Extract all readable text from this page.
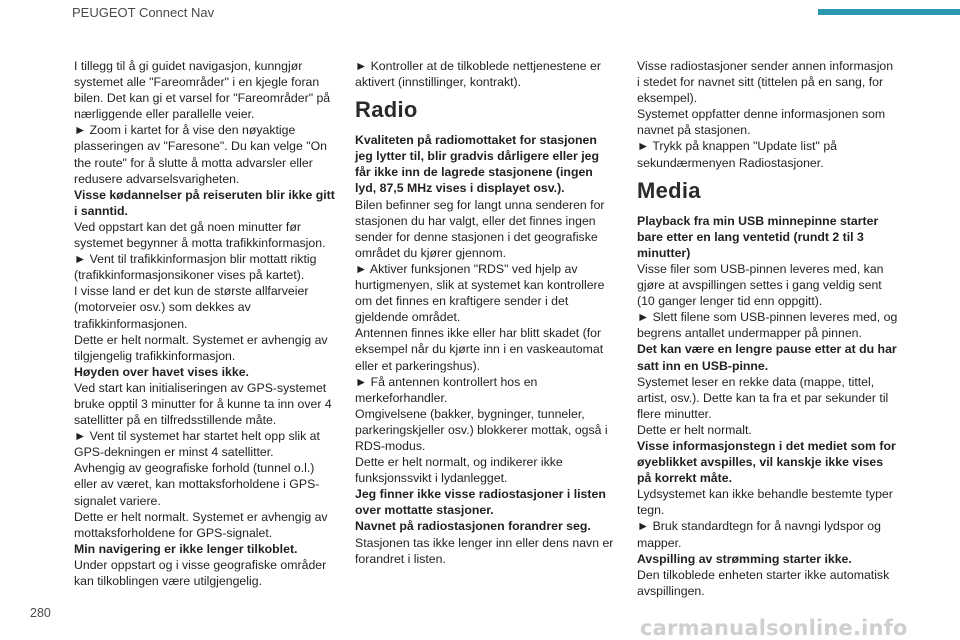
PEUGEOT Connect Nav

I tillegg til å gi guidet navigasjon, kunngjør systemet alle "Fareområder" i en kjegle foran bilen. Det kan gi et varsel for "Fareområder" på nærliggende eller parallelle veier.

► Zoom i kartet for å vise den nøyaktige plasseringen av "Faresone". Du kan velge "On the route" for å slutte å motta advarsler eller redusere advarselsvarigheten.

Visse kødannelser på reiseruten blir ikke gitt i sanntid.

Ved oppstart kan det gå noen minutter før systemet begynner å motta trafikkinformasjon.

► Vent til trafikkinformasjon blir mottatt riktig (trafikkinformasjonsikoner vises på kartet).

I visse land er det kun de største allfarveier (motorveier osv.) som dekkes av trafikkinformasjonen.

Dette er helt normalt. Systemet er avhengig av tilgjengelig trafikkinformasjon.

Høyden over havet vises ikke.

Ved start kan initialiseringen av GPS-systemet bruke opptil 3 minutter for å kunne ta inn over 4 satellitter på en tilfredsstillende måte.

► Vent til systemet har startet helt opp slik at GPS-dekningen er minst 4 satellitter.

Avhengig av geografiske forhold (tunnel o.l.) eller av været, kan mottaksforholdene i GPS-signalet variere.

Dette er helt normalt. Systemet er avhengig av mottaksforholdene for GPS-signalet.

Min navigering er ikke lenger tilkoblet.

Under oppstart og i visse geografiske områder kan tilkoblingen være utilgjengelig.

► Kontroller at de tilkoblede nettjenestene er aktivert (innstillinger, kontrakt).

Radio

Kvaliteten på radiomottaket for stasjonen jeg lytter til, blir gradvis dårligere eller jeg får ikke inn de lagrede stasjonene (ingen lyd, 87,5 MHz vises i displayet osv.).

Bilen befinner seg for langt unna senderen for stasjonen du har valgt, eller det finnes ingen sender for denne stasjonen i det geografiske området du kjører gjennom.

► Aktiver funksjonen "RDS" ved hjelp av hurtigmenyen, slik at systemet kan kontrollere om det finnes en kraftigere sender i det gjeldende området.

Antennen finnes ikke eller har blitt skadet (for eksempel når du kjørte inn i en vaskeautomat eller et parkeringshus).

► Få antennen kontrollert hos en merkeforhandler.

Omgivelsene (bakker, bygninger, tunneler, parkeringskjeller osv.) blokkerer mottak, også i RDS-modus.

Dette er helt normalt, og indikerer ikke funksjonssvikt i lydanlegget.

Jeg finner ikke visse radiostasjoner i listen over mottatte stasjoner.

Navnet på radiostasjonen forandrer seg.

Stasjonen tas ikke lenger inn eller dens navn er forandret i listen.

Visse radiostasjoner sender annen informasjon i stedet for navnet sitt (tittelen på en sang, for eksempel).

Systemet oppfatter denne informasjonen som navnet på stasjonen.

► Trykk på knappen "Update list" på sekundærmenyen Radiostasjoner.

Media

Playback fra min USB minnepinne starter bare etter en lang ventetid (rundt 2 til 3 minutter)

Visse filer som USB-pinnen leveres med, kan gjøre at avspillingen settes i gang veldig sent (10 ganger lenger tid enn oppgitt).

► Slett filene som USB-pinnen leveres med, og begrens antallet undermapper på pinnen.

Det kan være en lengre pause etter at du har satt inn en USB-pinne.

Systemet leser en rekke data (mappe, tittel, artist, osv.). Dette kan ta fra et par sekunder til flere minutter.

Dette er helt normalt.

Visse informasjonstegn i det mediet som for øyeblikket avspilles, vil kanskje ikke vises på korrekt måte.

Lydsystemet kan ikke behandle bestemte typer tegn.

► Bruk standardtegn for å navngi lydspor og mapper.

Avspilling av strømming starter ikke.

Den tilkoblede enheten starter ikke automatisk avspillingen.

280
carmanualsonline.info
